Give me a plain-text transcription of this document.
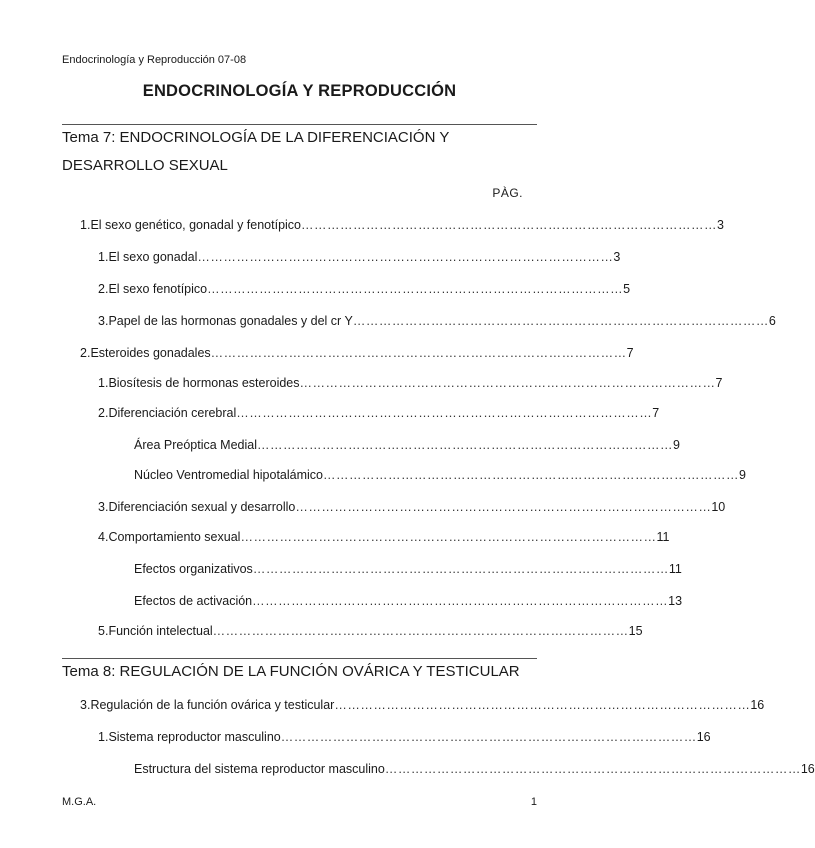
Endocrinología y Reproducción 07-08
ENDOCRINOLOGÍA Y REPRODUCCIÓN
Tema 7: ENDOCRINOLOGÍA DE LA DIFERENCIACIÓN Y DESARROLLO SEXUAL
PÀG.
1. El sexo genético, gonadal y fenotípico …………………………………………………………………………………… 3
1. El sexo gonadal …………………………………………………………………………………… 3
2. El sexo fenotípico …………………………………………………………………………………… 5
3. Papel de las hormonas gonadales y del cr Y …………………………………………………………………………………… 6
2. Esteroides gonadales …………………………………………………………………………………… 7
1. Biosítesis de hormonas esteroides …………………………………………………………………………………… 7
2. Diferenciación cerebral …………………………………………………………………………………… 7
Área Preóptica Medial …………………………………………………………………………………… 9
Núcleo Ventromedial hipotalámico …………………………………………………………………………………… 9
3. Diferenciación sexual y desarrollo …………………………………………………………………………………… 10
4. Comportamiento sexual …………………………………………………………………………………… 11
Efectos organizativos …………………………………………………………………………………… 11
Efectos de activación …………………………………………………………………………………… 13
5. Función intelectual …………………………………………………………………………………… 15
Tema 8: REGULACIÓN DE LA FUNCIÓN OVÁRICA Y TESTICULAR
3. Regulación de la función ovárica y testicular …………………………………………………………………………………… 16
1. Sistema reproductor masculino …………………………………………………………………………………… 16
Estructura del sistema reproductor masculino …………………………………………………………………………………… 16
M.G.A.	1
